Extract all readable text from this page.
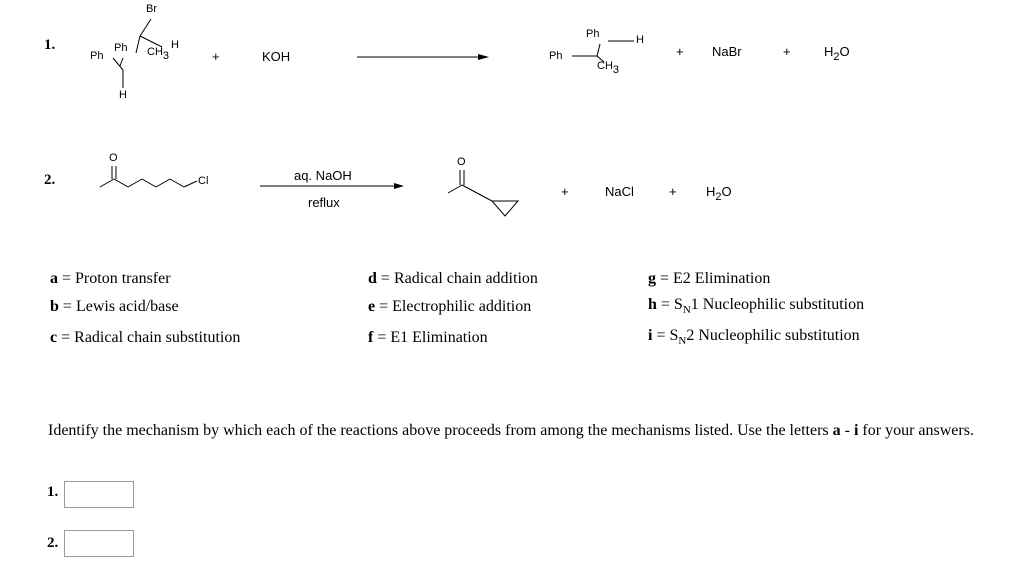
1.
Br
Ph
Ph CH3
H
H
+	KOH
Ph	H
Ph
CH3
+ NaBr	+	$H_2O$
2.
O
Cl	aq. NaOH
reflux
O
+	NaCl	+ $H_2O$
a = Proton transfer
b = Lewis acid/base
c = Radical chain substitution
d = Radical chain addition
e = Electrophilic addition
f = E1 Elimination
g = E2 Elimination
$h = S_N1$ Nucleophilic substitution
$i = S_N2$ Nucleophilic substitution
Identify the mechanism by which each of the reactions above proceeds from among the mechanisms listed. Use the letters a - i for your answers.
1.
2.
